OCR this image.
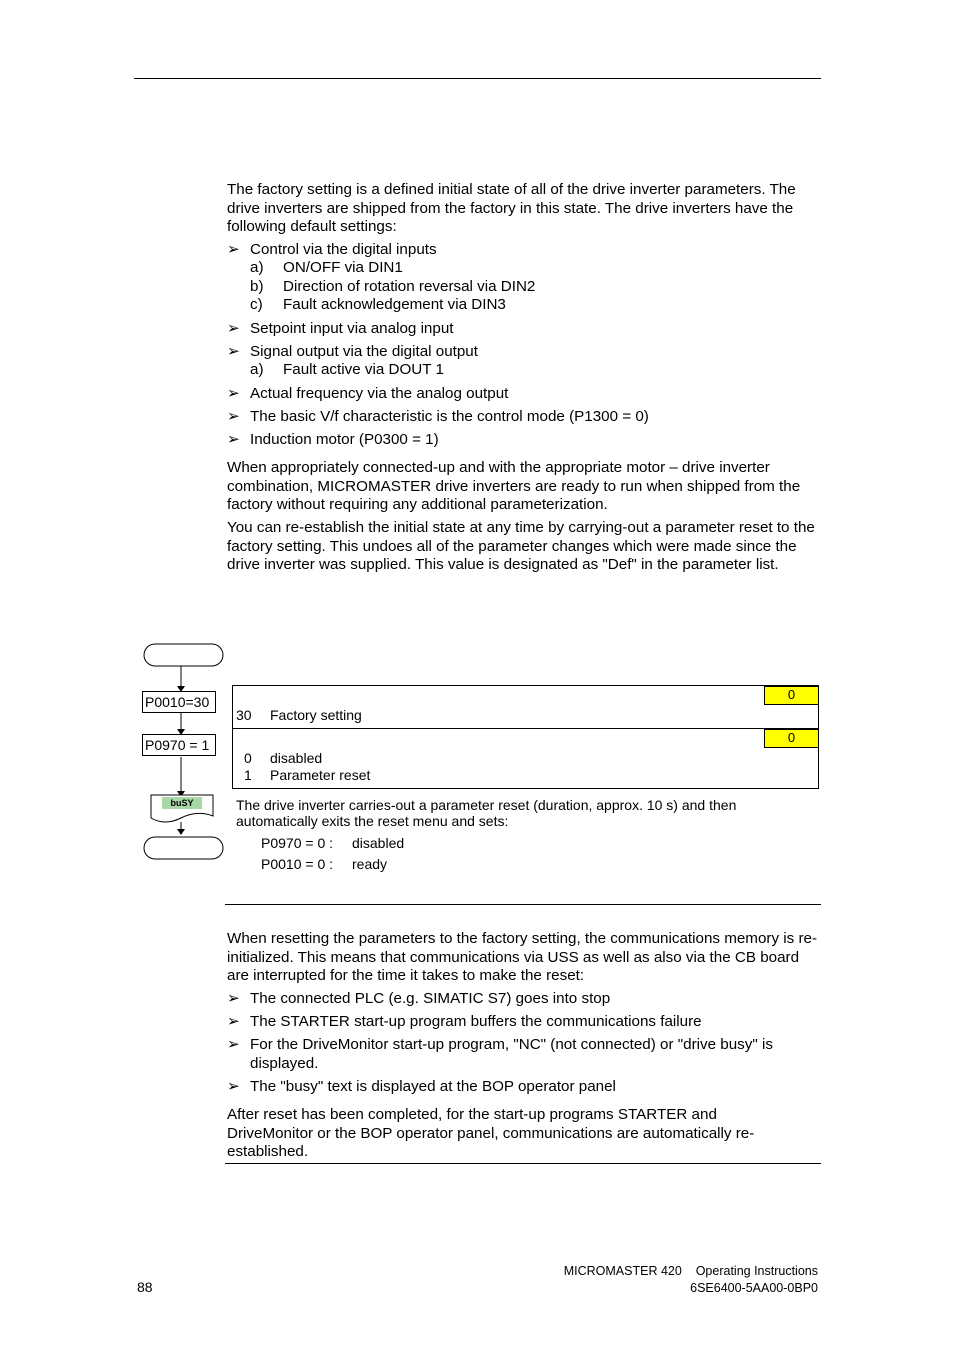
The factory setting is a defined initial state of all of the drive inverter parameters. The drive inverters are shipped from the factory in this state. The drive inverters have the following default settings:

➢ Control via the digital inputs
a) ON/OFF via DIN1
b) Direction of rotation reversal via DIN2
c) Fault acknowledgement via DIN3
➢ Setpoint input via analog input
➢ Signal output via the digital output
a) Fault active via DOUT 1
➢ Actual frequency via the analog output
➢ The basic V/f characteristic is the control mode (P1300 = 0)
➢ Induction motor (P0300 = 1)

When appropriately connected-up and with the appropriate motor – drive inverter combination, MICROMASTER drive inverters are ready to run when shipped from the factory without requiring any additional parameterization.

You can re-establish the initial state at any time by carrying-out a parameter reset to the factory setting. This undoes all of the parameter changes which were made since the drive inverter was supplied. This value is designated as "Def" in the parameter list.

buSY
P0010=30
P0970 = 1
0
30 Factory setting
0
0 disabled
1 Parameter reset
The drive inverter carries-out a parameter reset (duration, approx. 10 s) and then automatically exits the reset menu and sets:
P0970 = 0 : disabled
P0010 = 0 : ready

When resetting the parameters to the factory setting, the communications memory is re-initialized. This means that communications via USS as well as also via the CB board are interrupted for the time it takes to make the reset:

➢ The connected PLC (e.g. SIMATIC S7) goes into stop
➢ The STARTER start-up program buffers the communications failure
➢ For the DriveMonitor start-up program, "NC" (not connected) or "drive busy" is displayed.
➢ The "busy" text is displayed at the BOP operator panel

After reset has been completed, for the start-up programs STARTER and DriveMonitor or the BOP operator panel, communications are automatically re-established.

88
MICROMASTER 420    Operating Instructions
6SE6400-5AA00-0BP0
